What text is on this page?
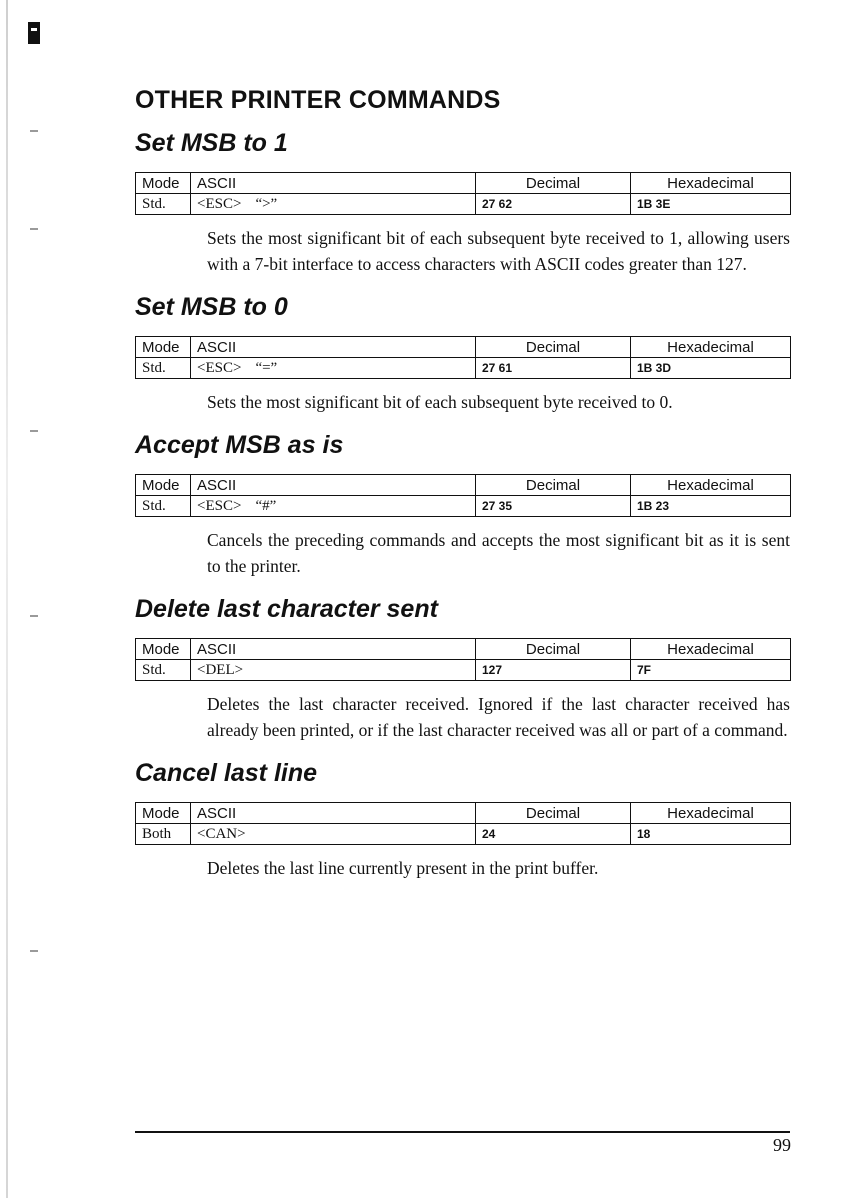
OTHER PRINTER COMMANDS
Set MSB to 1
Mode	ASCII	Decimal	Hexadecimal
Std.	<ESC> “>”	27 62	1B 3E

Sets the most significant bit of each subsequent byte received to 1, allowing users with a 7-bit interface to access characters with ASCII codes greater than 127.

Set MSB to 0
Mode	ASCII	Decimal	Hexadecimal
Std.	<ESC> “=”	27 61	1B 3D

Sets the most significant bit of each subsequent byte received to 0.

Accept MSB as is
Mode	ASCII	Decimal	Hexadecimal
Std.	<ESC> “#”	27 35	1B 23

Cancels the preceding commands and accepts the most significant bit as it is sent to the printer.

Delete last character sent
Mode	ASCII	Decimal	Hexadecimal
Std.	<DEL>	127	7F

Deletes the last character received. Ignored if the last character received has already been printed, or if the last character received was all or part of a command.

Cancel last line
Mode	ASCII	Decimal	Hexadecimal
Both	<CAN>	24	18

Deletes the last line currently present in the print buffer.

99
